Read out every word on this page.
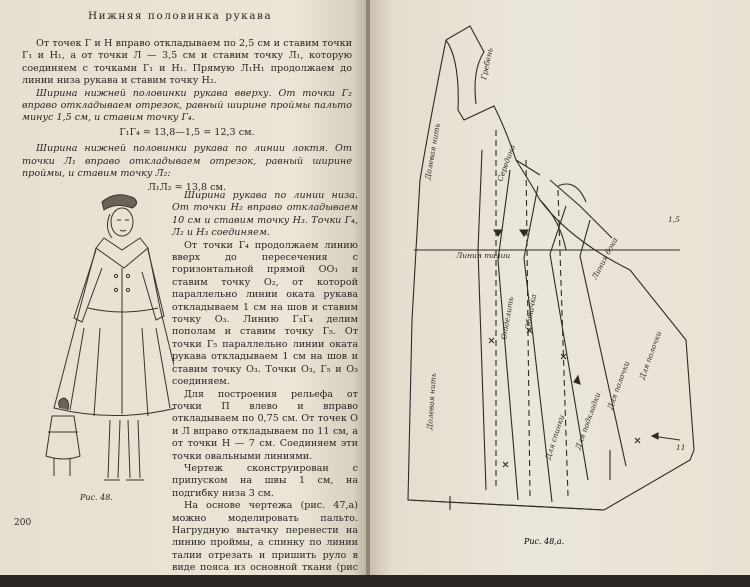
Нижняя половинка рукава

От точек Г и Н вправо откладываем по 2,5 см и ставим точки Г₁ и Н₁, а от точки Л — 3,5 см и ставим точку Л₁, которую соединяем с точками Г₁ и Н₁. Прямую Л₁Н₁ продолжаем до линии низа рукава и ставим точку Н₂.

Ширина нижней половинки рукава вверху. От точки Г₂ вправо откладываем отрезок, равный ширине проймы пальто минус 1,5 см, и ставим точку Г₄.

Г₁Г₄ = 13,8—1,5 = 12,3 см.

Ширина нижней половинки рукава по линии локтя. От точки Л₁ вправо откладываем отрезок, равный ширине проймы, и ставим точку Л₂:

Л₁Л₂ = 13,8 см.

Ширина рукава по линии низа. От точки Н₂ вправо откладываем 10 см и ставим точку Н₃. Точки Г₄, Л₂ и Н₃ соединяем.

От точки Г₄ продолжаем линию вверх до пересечения с горизонтальной прямой ОО₁ и ставим точку О₂, от которой параллельно линии оката рукава откладываем 1 см на шов и ставим точку О₃. Линию Г₃Г₄ делим пополам и ставим точку Г₅. От точки Г₅ параллельно линии оката рукава откладываем 1 см на шов и ставим точку О₃. Точки О₃, Г₅ и О₃ соединяем.

Для построения рельефа от точки П влево и вправо откладываем по 0,75 см. От точек О и Л вправо откладываем по 11 см, а от точки Н — 7 см. Соединяем эти точки овальными линиями.

Чертеж сконструирован с припуском на швы 1 см, на подгибку низа 3 см.

На основе чертежа (рис. 47,а) можно моделировать пальто. Нагрудную вытачку перенести на линию проймы, а спинку по линии талии отрезать и пришить руло в виде пояса из основной ткани (рис 48; 48, а; 48, б).

Рис. 48.
200
Линия талии
Долевая нить
Долевая нить
Гребень
Середина
Отделить Обтачка
Для спинки Для подкладки
Для полочки
Для полочки
Линия бока
1,5
11
Рис. 48,а.
